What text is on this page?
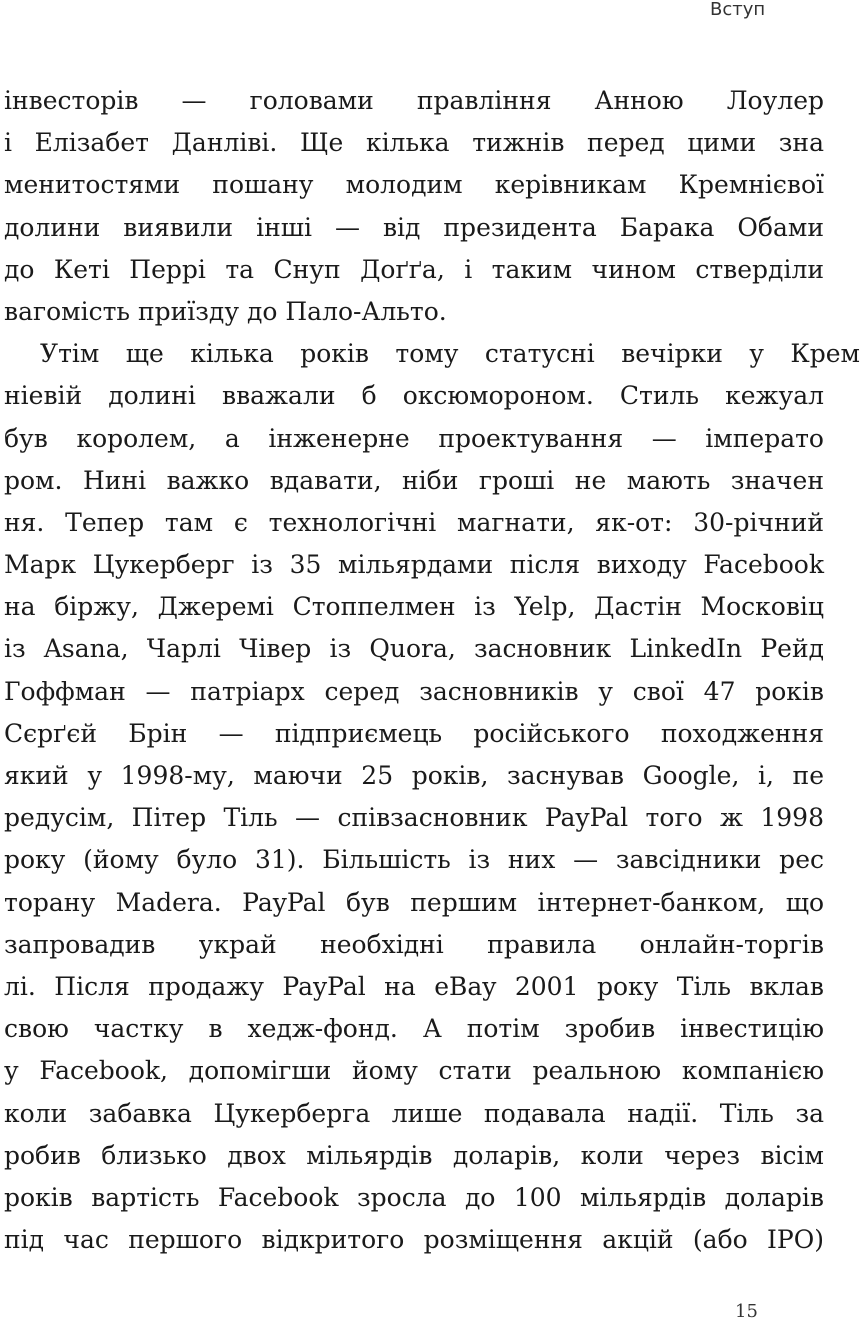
Вступ
інвесторів — головами правління Анною Лоулер
і Елізабет Данліві. Ще кілька тижнів перед цими зна
менитостями пошану молодим керівникам Кремнієвої
долини виявили інші — від президента Барака Обами
до Кеті Перрі та Снуп Доґґа, і таким чином стверділи
вагомість приїзду до Пало-Альто.
Утім ще кілька років тому статусні вечірки у Крем
ніевій долині вважали б оксюмороном. Стиль кежуал
був королем, а інженерне проектування — імперато
ром. Нині важко вдавати, ніби гроші не мають значен
ня. Тепер там є технологічні магнати, як-от: 30-річний
Марк Цукерберг із 35 мільярдами після виходу Facebook
на біржу, Джеремі Стоппелмен із Yelp, Дастін Московіц
із Asana, Чарлі Чівер із Quora, засновник LinkedIn Рейд
Гоффман — патріарх серед засновників у свої 47 років
Сєрґєй Брін — підприємець російського походження
який у 1998-му, маючи 25 років, заснував Google, і, пе
редусім, Пітер Тіль — співзасновник PayPal того ж 1998
року (йому було 31). Більшість із них — завсідники рес
торану Madera. PayPal був першим інтернет-банком, що
запровадив украй необхідні правила онлайн-торгів
лі. Після продажу PayPal на eBay 2001 року Тіль вклав
свою частку в хедж-фонд. А потім зробив інвестицію
у Facebook, допомігши йому стати реальною компанією
коли забавка Цукерберга лише подавала надії. Тіль за
робив близько двох мільярдів доларів, коли через вісім
років вартість Facebook зросла до 100 мільярдів доларів
під час першого відкритого розміщення акцій (або IPO)
15
